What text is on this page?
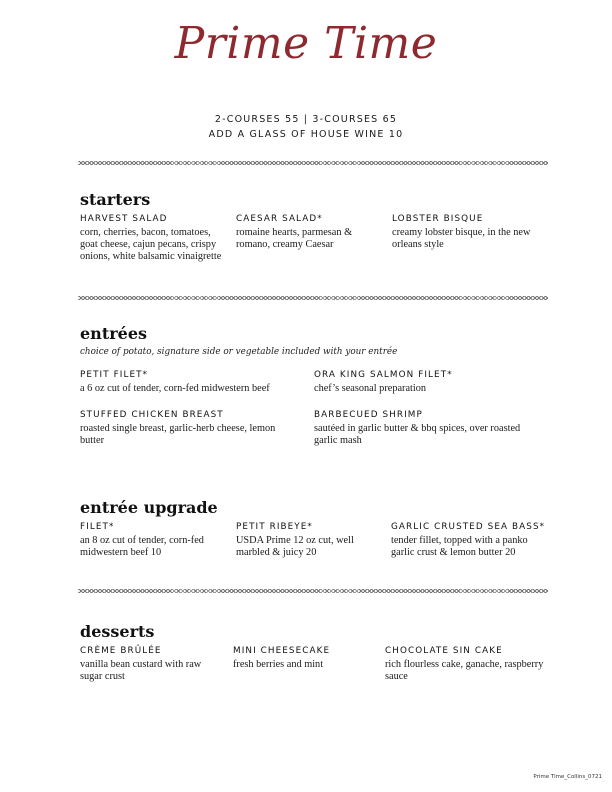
Prime Time
2-COURSES 55 | 3-COURSES 65
ADD A GLASS OF HOUSE WINE 10
starters
HARVEST SALAD
corn, cherries, bacon, tomatoes, goat cheese, cajun pecans, crispy onions, white balsamic vinaigrette
CAESAR SALAD*
romaine hearts, parmesan & romano, creamy Caesar
LOBSTER BISQUE
creamy lobster bisque, in the new orleans style
entrées
choice of potato, signature side or vegetable included with your entrée
PETIT FILET*
a 6 oz cut of tender, corn-fed midwestern beef
ORA KING SALMON FILET*
chef’s seasonal preparation
STUFFED CHICKEN BREAST
roasted single breast, garlic-herb cheese, lemon butter
BARBECUED SHRIMP
sautéed in garlic butter & bbq spices, over roasted garlic mash
entrée upgrade
FILET*
an 8 oz cut of tender, corn-fed midwestern beef 10
PETIT RIBEYE*
USDA Prime 12 oz cut, well marbled & juicy 20
GARLIC CRUSTED SEA BASS*
tender fillet, topped with a panko garlic crust & lemon butter 20
desserts
CRÈME BRÛLÉE
vanilla bean custard with raw sugar crust
MINI CHEESECAKE
fresh berries and mint
CHOCOLATE SIN CAKE
rich flourless cake, ganache, raspberry sauce
Prime Time_Collins_0721
